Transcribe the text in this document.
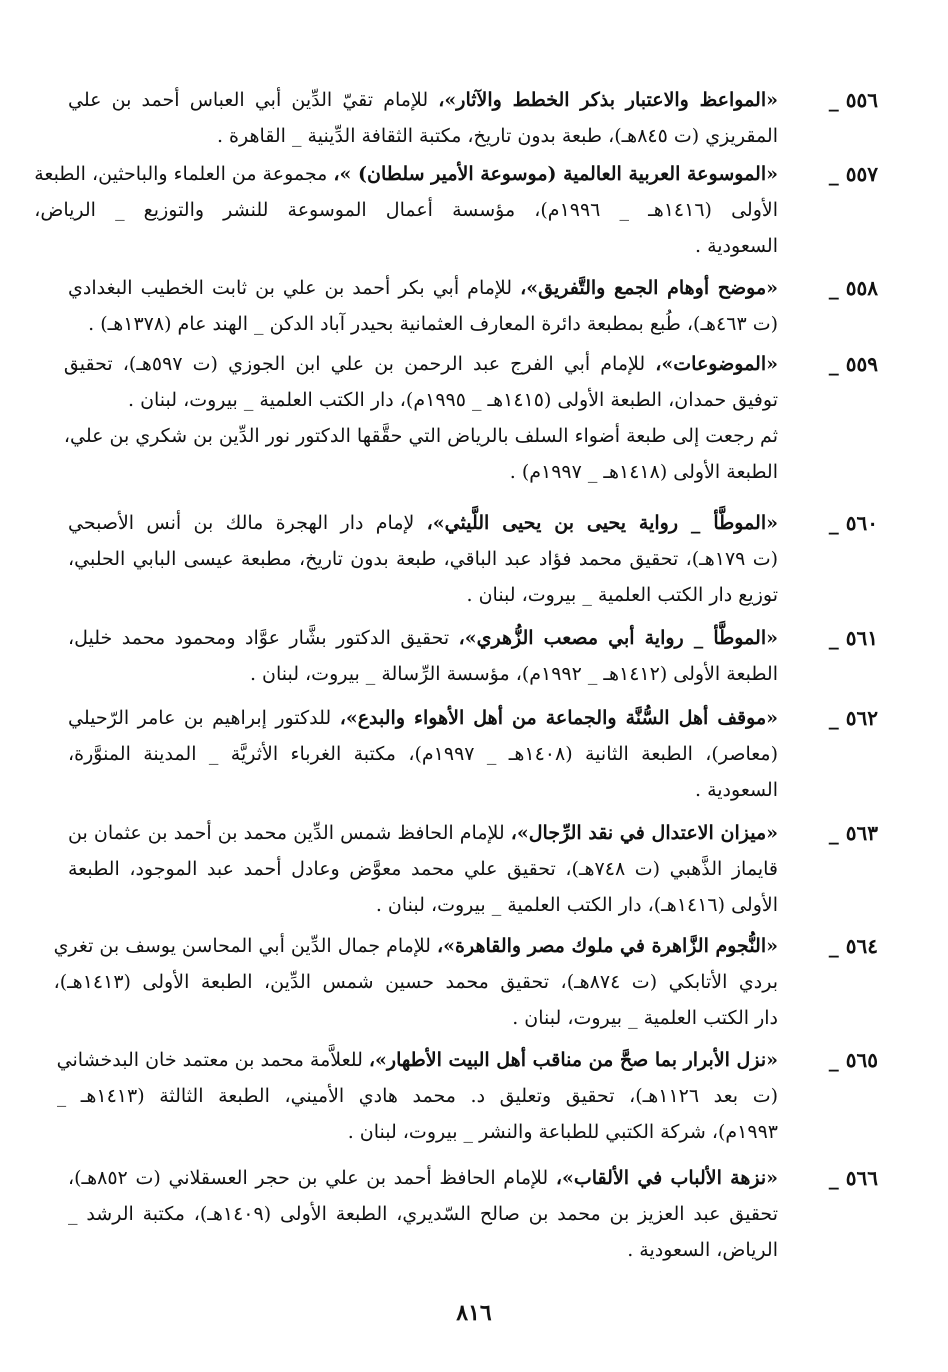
٥٥٦ _
«المواعظ والاعتبار بذكر الخطط والآثار»، للإمام تقيّ الدِّين أبي العباس أحمد بن علي
المقريزي (ت ٨٤٥هـ)، طبعة بدون تاريخ، مكتبة الثقافة الدِّينية _ القاهرة .
٥٥٧ _
«الموسوعة العربية العالمية (موسوعة الأمير سلطان) »، مجموعة من العلماء والباحثين، الطبعة
الأولى (١٤١٦هـ _ ١٩٩٦م)، مؤسسة أعمال الموسوعة للنشر والتوزيع _ الرياض،
السعودية .
٥٥٨ _
«موضح أوهام الجمع والتَّفريق»، للإمام أبي بكر أحمد بن علي بن ثابت الخطيب البغدادي
(ت ٤٦٣هـ)، طُبع بمطبعة دائرة المعارف العثمانية بحيدر آباد الدكن _ الهند عام (١٣٧٨هـ) .
٥٥٩ _
«الموضوعات»، للإمام أبي الفرج عبد الرحمن بن علي ابن الجوزي (ت ٥٩٧هـ)، تحقيق
توفيق حمدان، الطبعة الأولى (١٤١٥هـ _ ١٩٩٥م)، دار الكتب العلمية _ بيروت، لبنان .
ثم رجعت إلى طبعة أضواء السلف بالرياض التي حقَّقها الدكتور نور الدِّين بن شكري بن علي،
الطبعة الأولى (١٤١٨هـ _ ١٩٩٧م) .
٥٦٠ _
«الموطَّأ _ رواية يحيى بن يحيى اللَّيثي»، لإمام دار الهجرة مالك بن أنس الأصبحي
(ت ١٧٩هـ)، تحقيق محمد فؤاد عبد الباقي، طبعة بدون تاريخ، مطبعة عيسى البابي الحلبي،
توزيع دار الكتب العلمية _ بيروت، لبنان .
٥٦١ _
«الموطَّأ _ رواية أبي مصعب الزُّهري»، تحقيق الدكتور بشَّار عوَّاد ومحمود محمد خليل،
الطبعة الأولى (١٤١٢هـ _ ١٩٩٢م)، مؤسسة الرِّسالة _ بيروت، لبنان .
٥٦٢ _
«موقف أهل السُّنَّة والجماعة من أهل الأهواء والبدع»، للدكتور إبراهيم بن عامر الرّحيلي
(معاصر)، الطبعة الثانية (١٤٠٨هـ _ ١٩٩٧م)، مكتبة الغرباء الأثريَّة _ المدينة المنوَّرة،
السعودية .
٥٦٣ _
«ميزان الاعتدال في نقد الرِّجال»، للإمام الحافظ شمس الدِّين محمد بن أحمد بن عثمان بن
قايماز الذَّهبي (ت ٧٤٨هـ)، تحقيق علي محمد معوَّض وعادل أحمد عبد الموجود، الطبعة
الأولى (١٤١٦هـ)، دار الكتب العلمية _ بيروت، لبنان .
٥٦٤ _
«النُّجوم الزَّاهرة في ملوك مصر والقاهرة»، للإمام جمال الدِّين أبي المحاسن يوسف بن تغري
بردي الأتابكي (ت ٨٧٤هـ)، تحقيق محمد حسين شمس الدِّين، الطبعة الأولى (١٤١٣هـ)،
دار الكتب العلمية _ بيروت، لبنان .
٥٦٥ _
«نزل الأبرار بما صحَّ من مناقب أهل البيت الأطهار»، للعلاَّمة محمد بن معتمد خان البدخشاني
(ت بعد ١١٢٦هـ)، تحقيق وتعليق د. محمد هادي الأميني، الطبعة الثالثة (١٤١٣هـ _
١٩٩٣م)، شركة الكتبي للطباعة والنشر _ بيروت، لبنان .
٥٦٦ _
«نزهة الألباب في الألقاب»، للإمام الحافظ أحمد بن علي بن حجر العسقلاني (ت ٨٥٢هـ)،
تحقيق عبد العزيز بن محمد بن صالح السّديري، الطبعة الأولى (١٤٠٩هـ)، مكتبة الرشد _
الرياض، السعودية .
٨١٦
